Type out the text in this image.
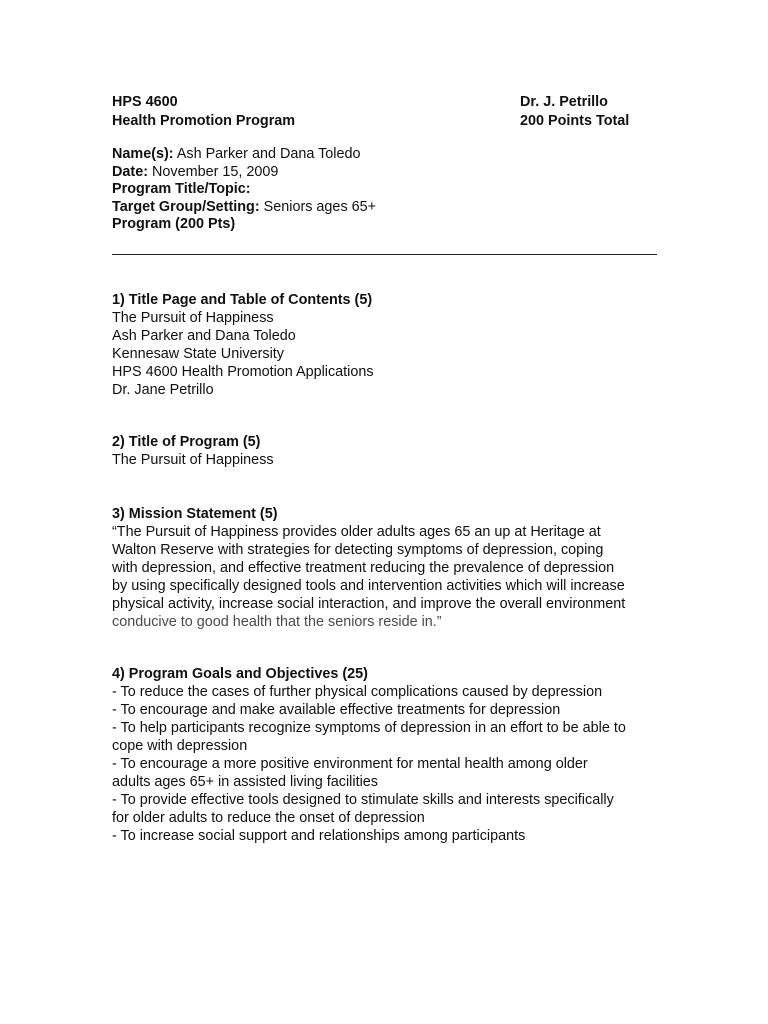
HPS 4600
Health Promotion Program
Dr. J. Petrillo
200 Points Total
Name(s): Ash Parker and Dana Toledo
Date: November 15, 2009
Program Title/Topic:
Target Group/Setting: Seniors ages 65+
Program (200 Pts)
1) Title Page and Table of Contents (5)
The Pursuit of Happiness
Ash Parker and Dana Toledo
Kennesaw State University
HPS 4600 Health Promotion Applications
Dr. Jane Petrillo
2) Title of Program (5)
The Pursuit of Happiness
3) Mission Statement (5)
“The Pursuit of Happiness provides older adults ages 65 an up at Heritage at
Walton Reserve with strategies for detecting symptoms of depression, coping
with depression, and effective treatment reducing the prevalence of depression
by using specifically designed tools and intervention activities which will increase
physical activity, increase social interaction, and improve the overall environment
conducive to good health that the seniors reside in.”
4) Program Goals and Objectives (25)
- To reduce the cases of further physical complications caused by depression
- To encourage and make available effective treatments for depression
- To help participants recognize symptoms of depression in an effort to be able to
cope with depression
- To encourage a more positive environment for mental health among older
adults ages 65+ in assisted living facilities
- To provide effective tools designed to stimulate skills and interests specifically
for older adults to reduce the onset of depression
- To increase social support and relationships among participants
